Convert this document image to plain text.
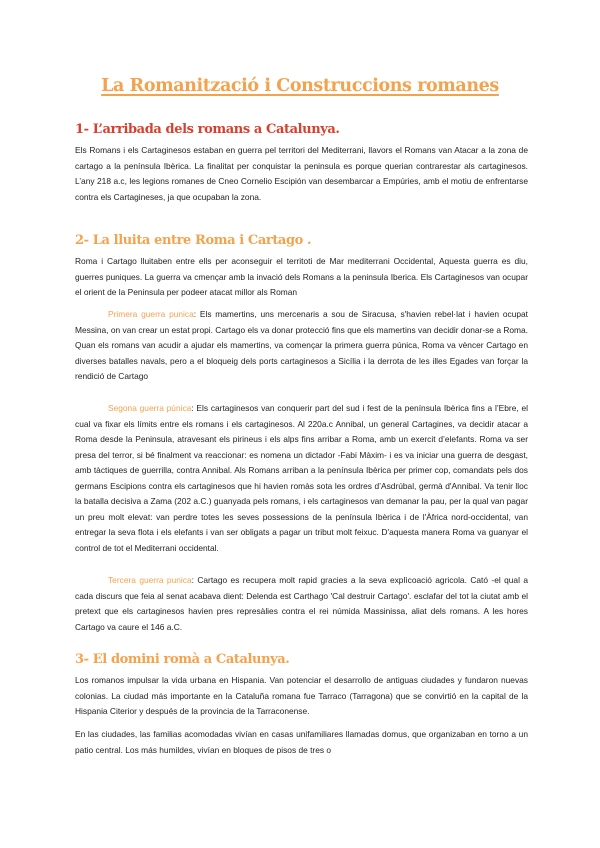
La Romanització i Construccions romanes
1- L’arribada dels romans a Catalunya.

Els Romans i els Cartaginesos estaban en guerra pel territori del Mediterrani, llavors el Romans van Atacar a la zona de cartago a la península Ibèrica. La finalitat per conquistar la peninsula es porque querian contrarestar als cartaginesos. L’any 218 a.c, les legions romanes de Cneo Cornelio Escipión van desembarcar a Empúries, amb el motiu de enfrentarse contra els Cartagineses, ja que ocupaban la zona.

2- La lluita entre Roma i Cartago .

Roma i Cartago lluitaben entre ells per aconseguir el territoti de Mar mediterrani Occidental, Aquesta guerra es diu, guerres puniques. La guerra va cmençar amb la invació dels Romans a la peninsula Iberica. Els Cartaginesos van ocupar el orient de la Peninsula per podeer atacat millor als Roman

Primera guerra punica: Els mamertins, uns mercenaris a sou de Siracusa, s'havien rebel·lat i havien ocupat Messina, on van crear un estat propi. Cartago els va donar protecció fins que els mamertins van decidir donar-se a Roma. Quan els romans van acudir a ajudar els mamertins, va començar la primera guerra púnica, Roma va vèncer Cartago en diverses batalles navals, pero a el bloqueig dels ports cartaginesos a Sicília i la derrota de les illes Egades van forçar la rendició de Cartago

Segona guerra púnica: Els cartaginesos van conquerir part del sud i fest de la península Ibèrica fins a l’Ebre, el cual va fixar els límits entre els romans i els cartaginesos. Al 220a.c Annibal, un general Cartagines, va decidir atacar a Roma desde la Peninsula, atravesant els pirineus i els alps fins arribar a Roma, amb un exercit d’elefants. Roma va ser presa del terror, si bé finalment va reaccionar: es nomena un dictador -Fabi Màxim- i es va iniciar una guerra de desgast, amb tàctiques de guerrilla, contra Annibal. Als Romans arriban a la península Ibèrica per primer cop, comandats pels dos germans Escipions contra els cartaginesos que hi havien romàs sota les ordres d’Asdrúbal, germà d'Annibal. Va tenir lloc la batalla decisiva a Zama (202 a.C.) guanyada pels romans, i els cartaginesos van demanar la pau, per la qual van pagar un preu molt elevat: van perdre totes les seves possessions de la península Ibèrica i de l'Àfrica nord-occidental, van entregar la seva flota i els elefants i van ser obligats a pagar un tribut molt feixuc. D'aquesta manera Roma va guanyar el control de tot el Mediterrani occidental.

Tercera guerra punica: Cartago es recupera molt rapid gracies a la seva explìcoació agricola. Cató -el qual a cada discurs que feia al senat acabava dient: Delenda est Carthago 'Cal destruir Cartago'. esclafar del tot la ciutat amb el pretext que els cartaginesos havien pres represàlies contra el rei númida Massinissa, aliat dels romans. A les hores Cartago va caure el 146 a.C.

3- El domini romà a Catalunya.

Los romanos impulsar la vida urbana en Hispania. Van potenciar el desarrollo de antiguas ciudades y fundaron nuevas colonias. La ciudad más importante en la Cataluña romana fue Tarraco (Tarragona) que se convirtió en la capital de la Hispania Citerior y después de la provincia de la Tarraconense.

En las ciudades, las familias acomodadas vivían en casas unifamiliares llamadas domus, que organizaban en torno a un patio central. Los más humildes, vivían en bloques de pisos de tres o
